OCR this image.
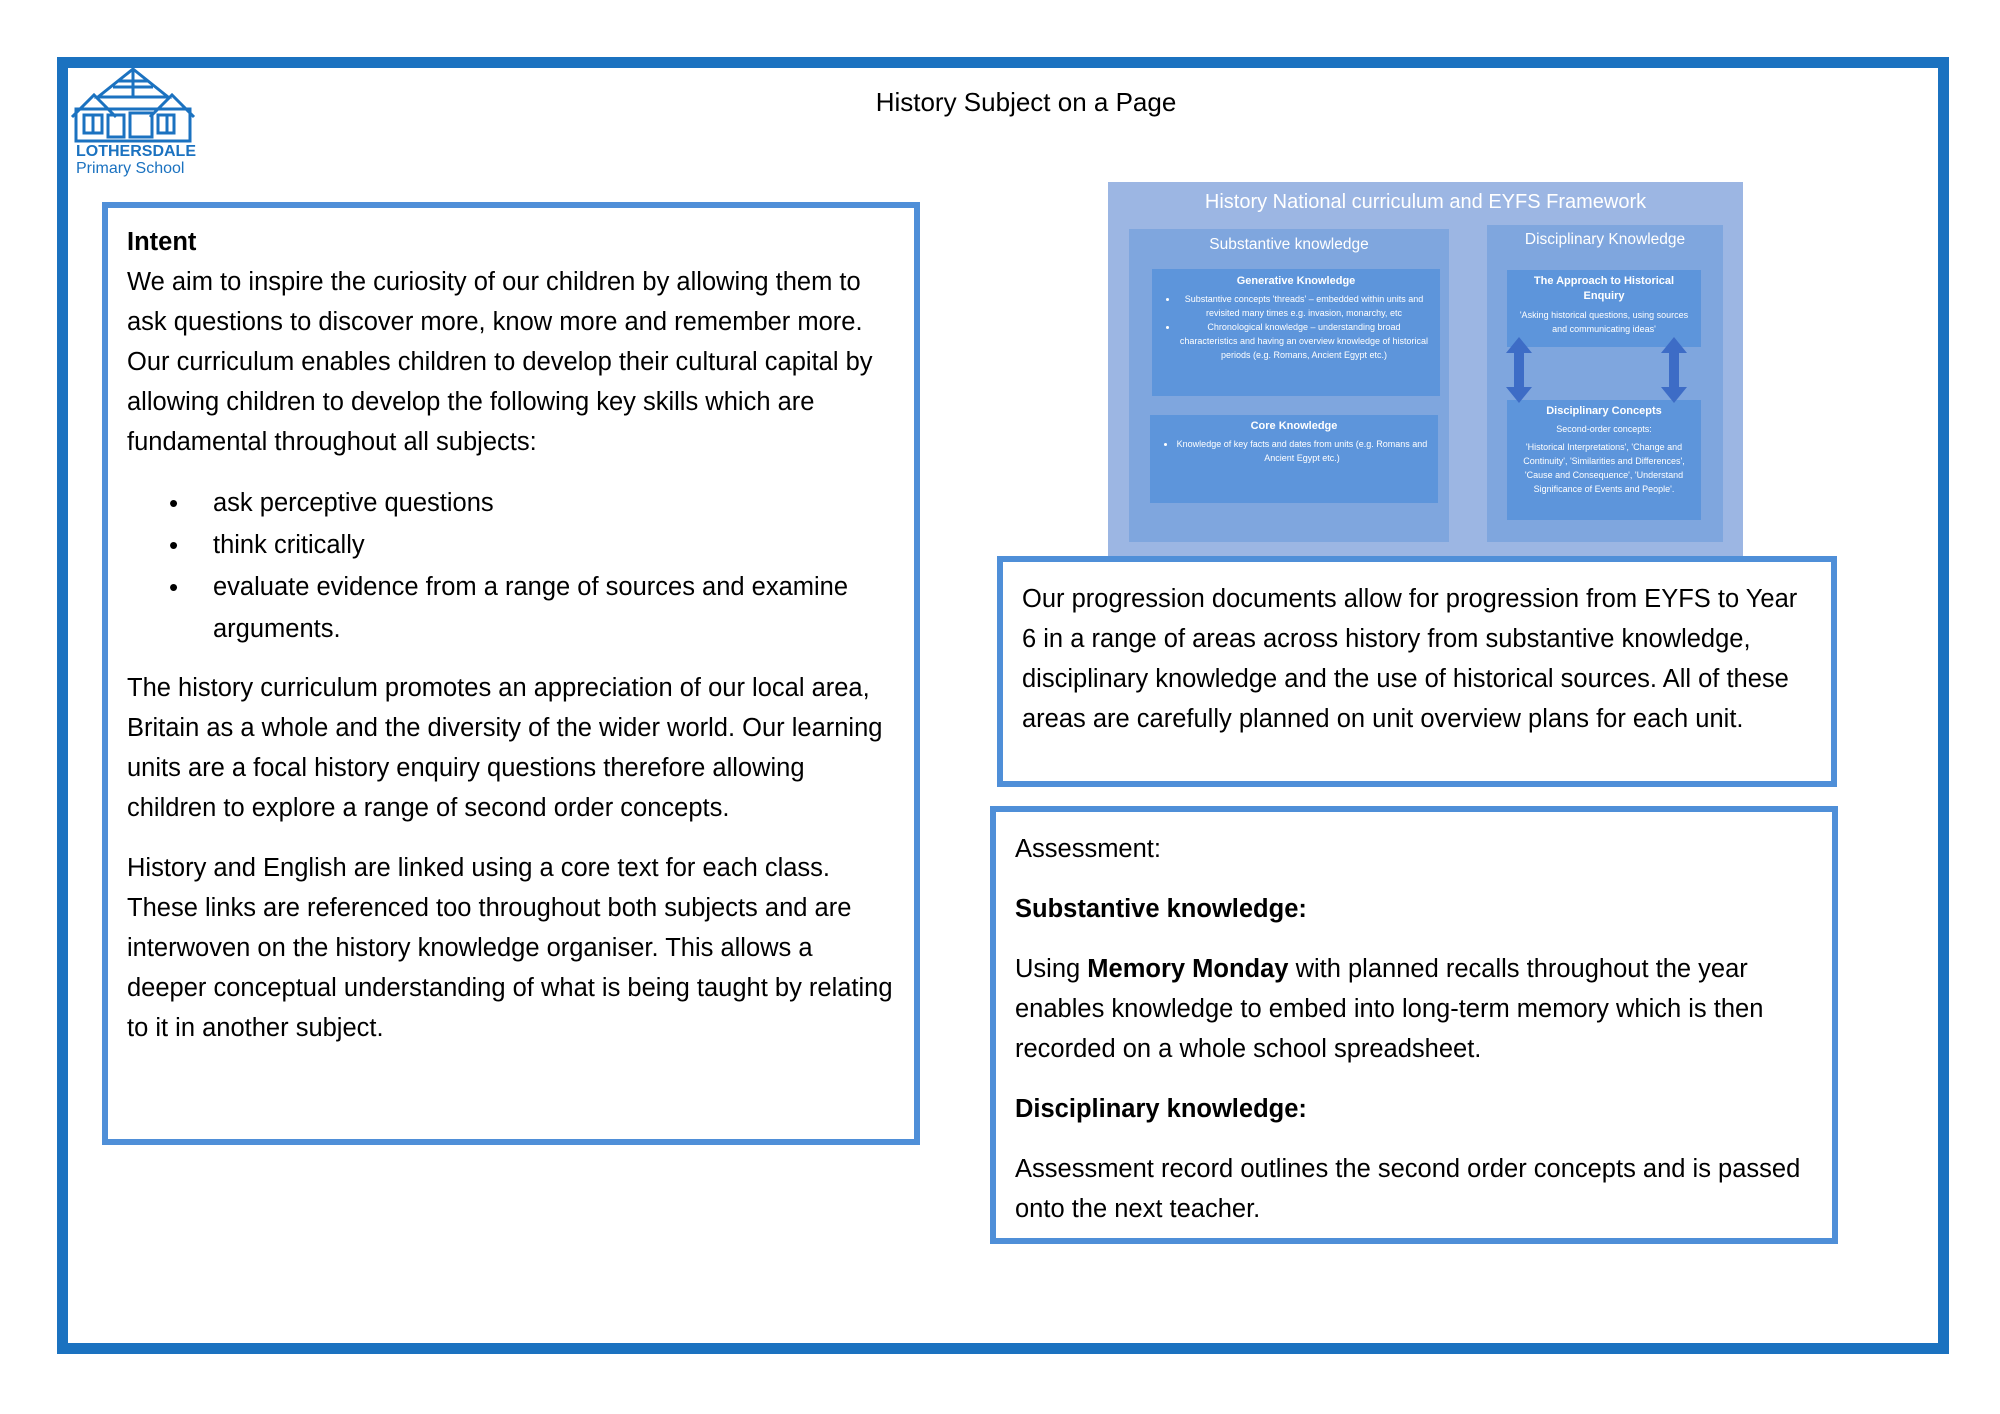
LOTHERSDALE
Primary School
History Subject on a Page

Intent

We aim to inspire the curiosity of our children by allowing them to ask questions to discover more, know more and remember more. Our curriculum enables children to develop their cultural capital by allowing children to develop the following key skills which are fundamental throughout all subjects:

• ask perceptive questions
• think critically
• evaluate evidence from a range of sources and examine arguments.

The history curriculum promotes an appreciation of our local area, Britain as a whole and the diversity of the wider world. Our learning units are a focal history enquiry questions therefore allowing children to explore a range of second order concepts.

History and English are linked using a core text for each class. These links are referenced too throughout both subjects and are interwoven on the history knowledge organiser. This allows a deeper conceptual understanding of what is being taught by relating to it in another subject.

History National curriculum and EYFS Framework
Substantive knowledge
Generative Knowledge
• Substantive concepts 'threads' – embedded within units and revisited many times e.g. invasion, monarchy, etc
• Chronological knowledge – understanding broad characteristics and having an overview knowledge of historical periods (e.g. Romans, Ancient Egypt etc.)
Core Knowledge
• Knowledge of key facts and dates from units (e.g. Romans and Ancient Egypt etc.)
Disciplinary Knowledge
The Approach to Historical Enquiry
'Asking historical questions, using sources and communicating ideas'
Disciplinary Concepts
Second-order concepts:
'Historical Interpretations', 'Change and Continuity', 'Similarities and Differences', 'Cause and Consequence', 'Understand Significance of Events and People'.

Our progression documents allow for progression from EYFS to Year 6 in a range of areas across history from substantive knowledge, disciplinary knowledge and the use of historical sources. All of these areas are carefully planned on unit overview plans for each unit.

Assessment:

Substantive knowledge:

Using Memory Monday with planned recalls throughout the year enables knowledge to embed into long-term memory which is then recorded on a whole school spreadsheet.

Disciplinary knowledge:

Assessment record outlines the second order concepts and is passed onto the next teacher.
